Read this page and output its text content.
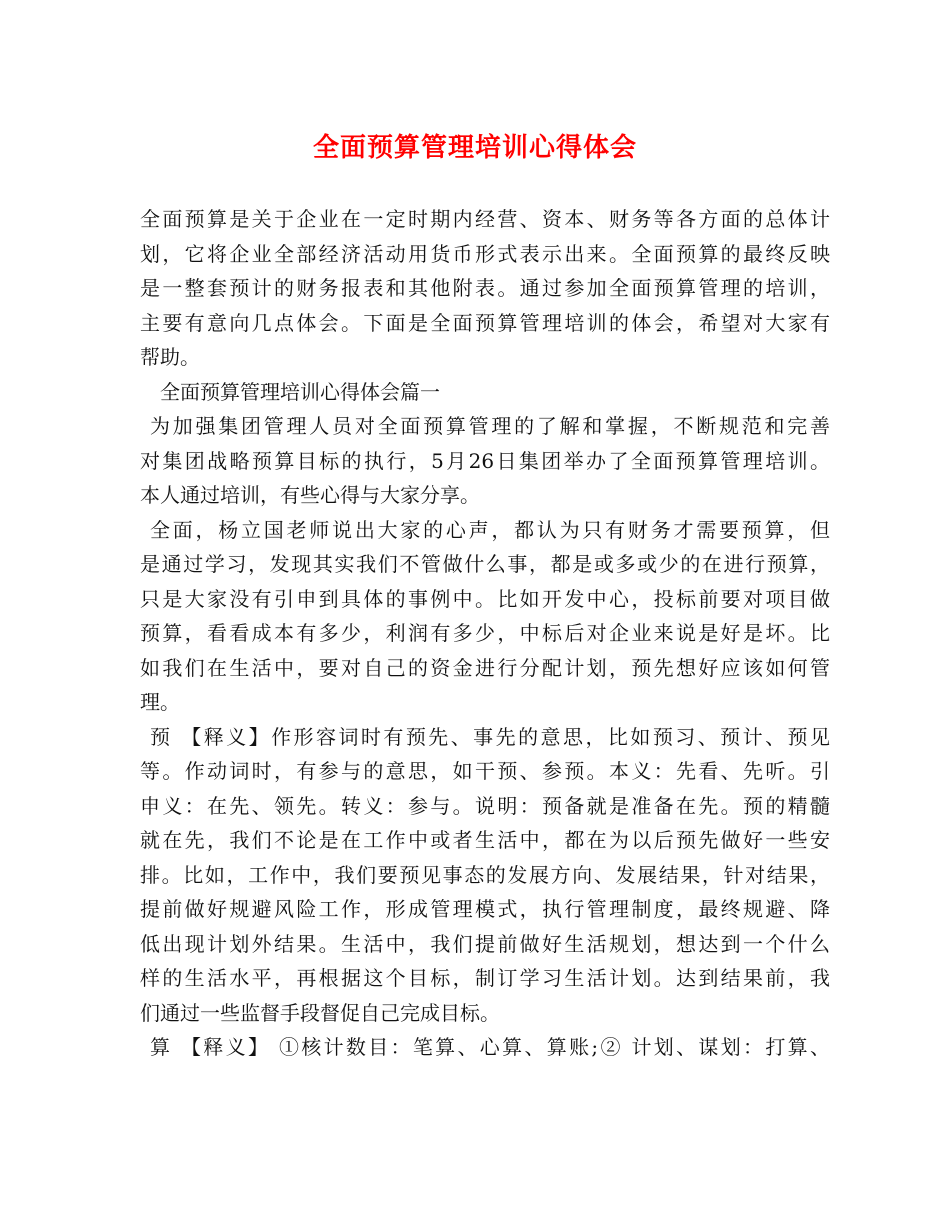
全面预算管理培训心得体会
全面预算是关于企业在一定时期内经营、资本、财务等各方面的总体计
划，它将企业全部经济活动用货币形式表示出来。全面预算的最终反映
是一整套预计的财务报表和其他附表。通过参加全面预算管理的培训，
主要有意向几点体会。下面是全面预算管理培训的体会，希望对大家有
帮助。
全面预算管理培训心得体会篇一
为加强集团管理人员对全面预算管理的了解和掌握，不断规范和完善
对集团战略预算目标的执行，5月26日集团举办了全面预算管理培训。
本人通过培训，有些心得与大家分享。
全面，杨立国老师说出大家的心声，都认为只有财务才需要预算，但
是通过学习，发现其实我们不管做什么事，都是或多或少的在进行预算，
只是大家没有引申到具体的事例中。比如开发中心，投标前要对项目做
预算，看看成本有多少，利润有多少，中标后对企业来说是好是坏。比
如我们在生活中，要对自己的资金进行分配计划，预先想好应该如何管
理。
预 【释义】作形容词时有预先、事先的意思，比如预习、预计、预见
等。作动词时，有参与的意思，如干预、参预。本义：先看、先听。引
申义：在先、领先。转义：参与。说明：预备就是准备在先。预的精髓
就在先，我们不论是在工作中或者生活中，都在为以后预先做好一些安
排。比如，工作中，我们要预见事态的发展方向、发展结果，针对结果，
提前做好规避风险工作，形成管理模式，执行管理制度，最终规避、降
低出现计划外结果。生活中，我们提前做好生活规划，想达到一个什么
样的生活水平，再根据这个目标，制订学习生活计划。达到结果前，我
们通过一些监督手段督促自己完成目标。
算 【释义】 ①核计数目：笔算、心算、算账;② 计划、谋划：打算、
